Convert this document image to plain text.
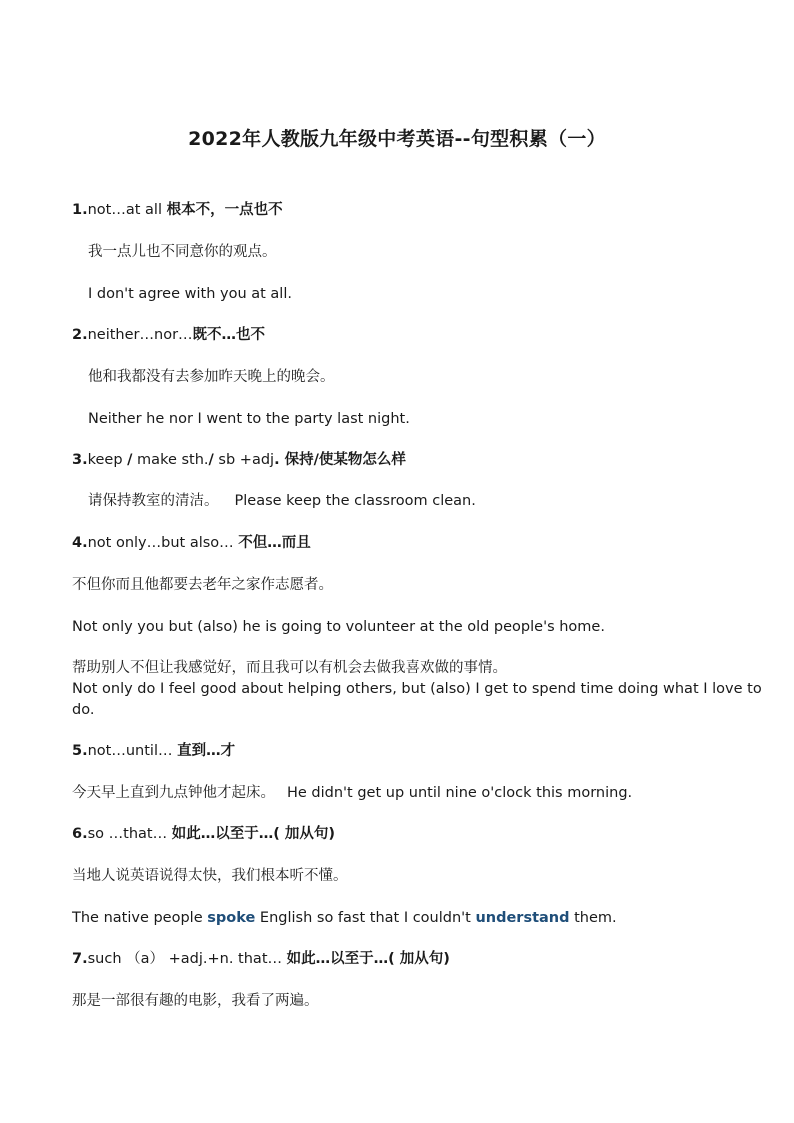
2022年人教版九年级中考英语--句型积累（一）
1.not…at all 根本不，一点也不
我一点儿也不同意你的观点。
I don't agree with you at all.
2.neither…nor…既不…也不
他和我都没有去参加昨天晚上的晚会。
Neither he nor I went to the party last night.
3.keep / make sth./ sb +adj. 保持/使某物怎么样
请保持教室的清洁。 Please keep the classroom clean.
4.not only…but also… 不但…而且
不但你而且他都要去老年之家作志愿者。
Not only you but (also) he is going to volunteer at the old people's home.
帮助别人不但让我感觉好，而且我可以有机会去做我喜欢做的事情。
Not only do I feel good about helping others, but (also) I get to spend time doing what I love to do.
5.not…until… 直到…才
今天早上直到九点钟他才起床。 He didn't get up until nine o'clock this morning.
6.so …that… 如此…以至于…( 加从句)
当地人说英语说得太快，我们根本听不懂。
The native people spoke English so fast that I couldn't understand them.
7.such （a） +adj.+n. that… 如此…以至于…( 加从句)
那是一部很有趣的电影，我看了两遍。
